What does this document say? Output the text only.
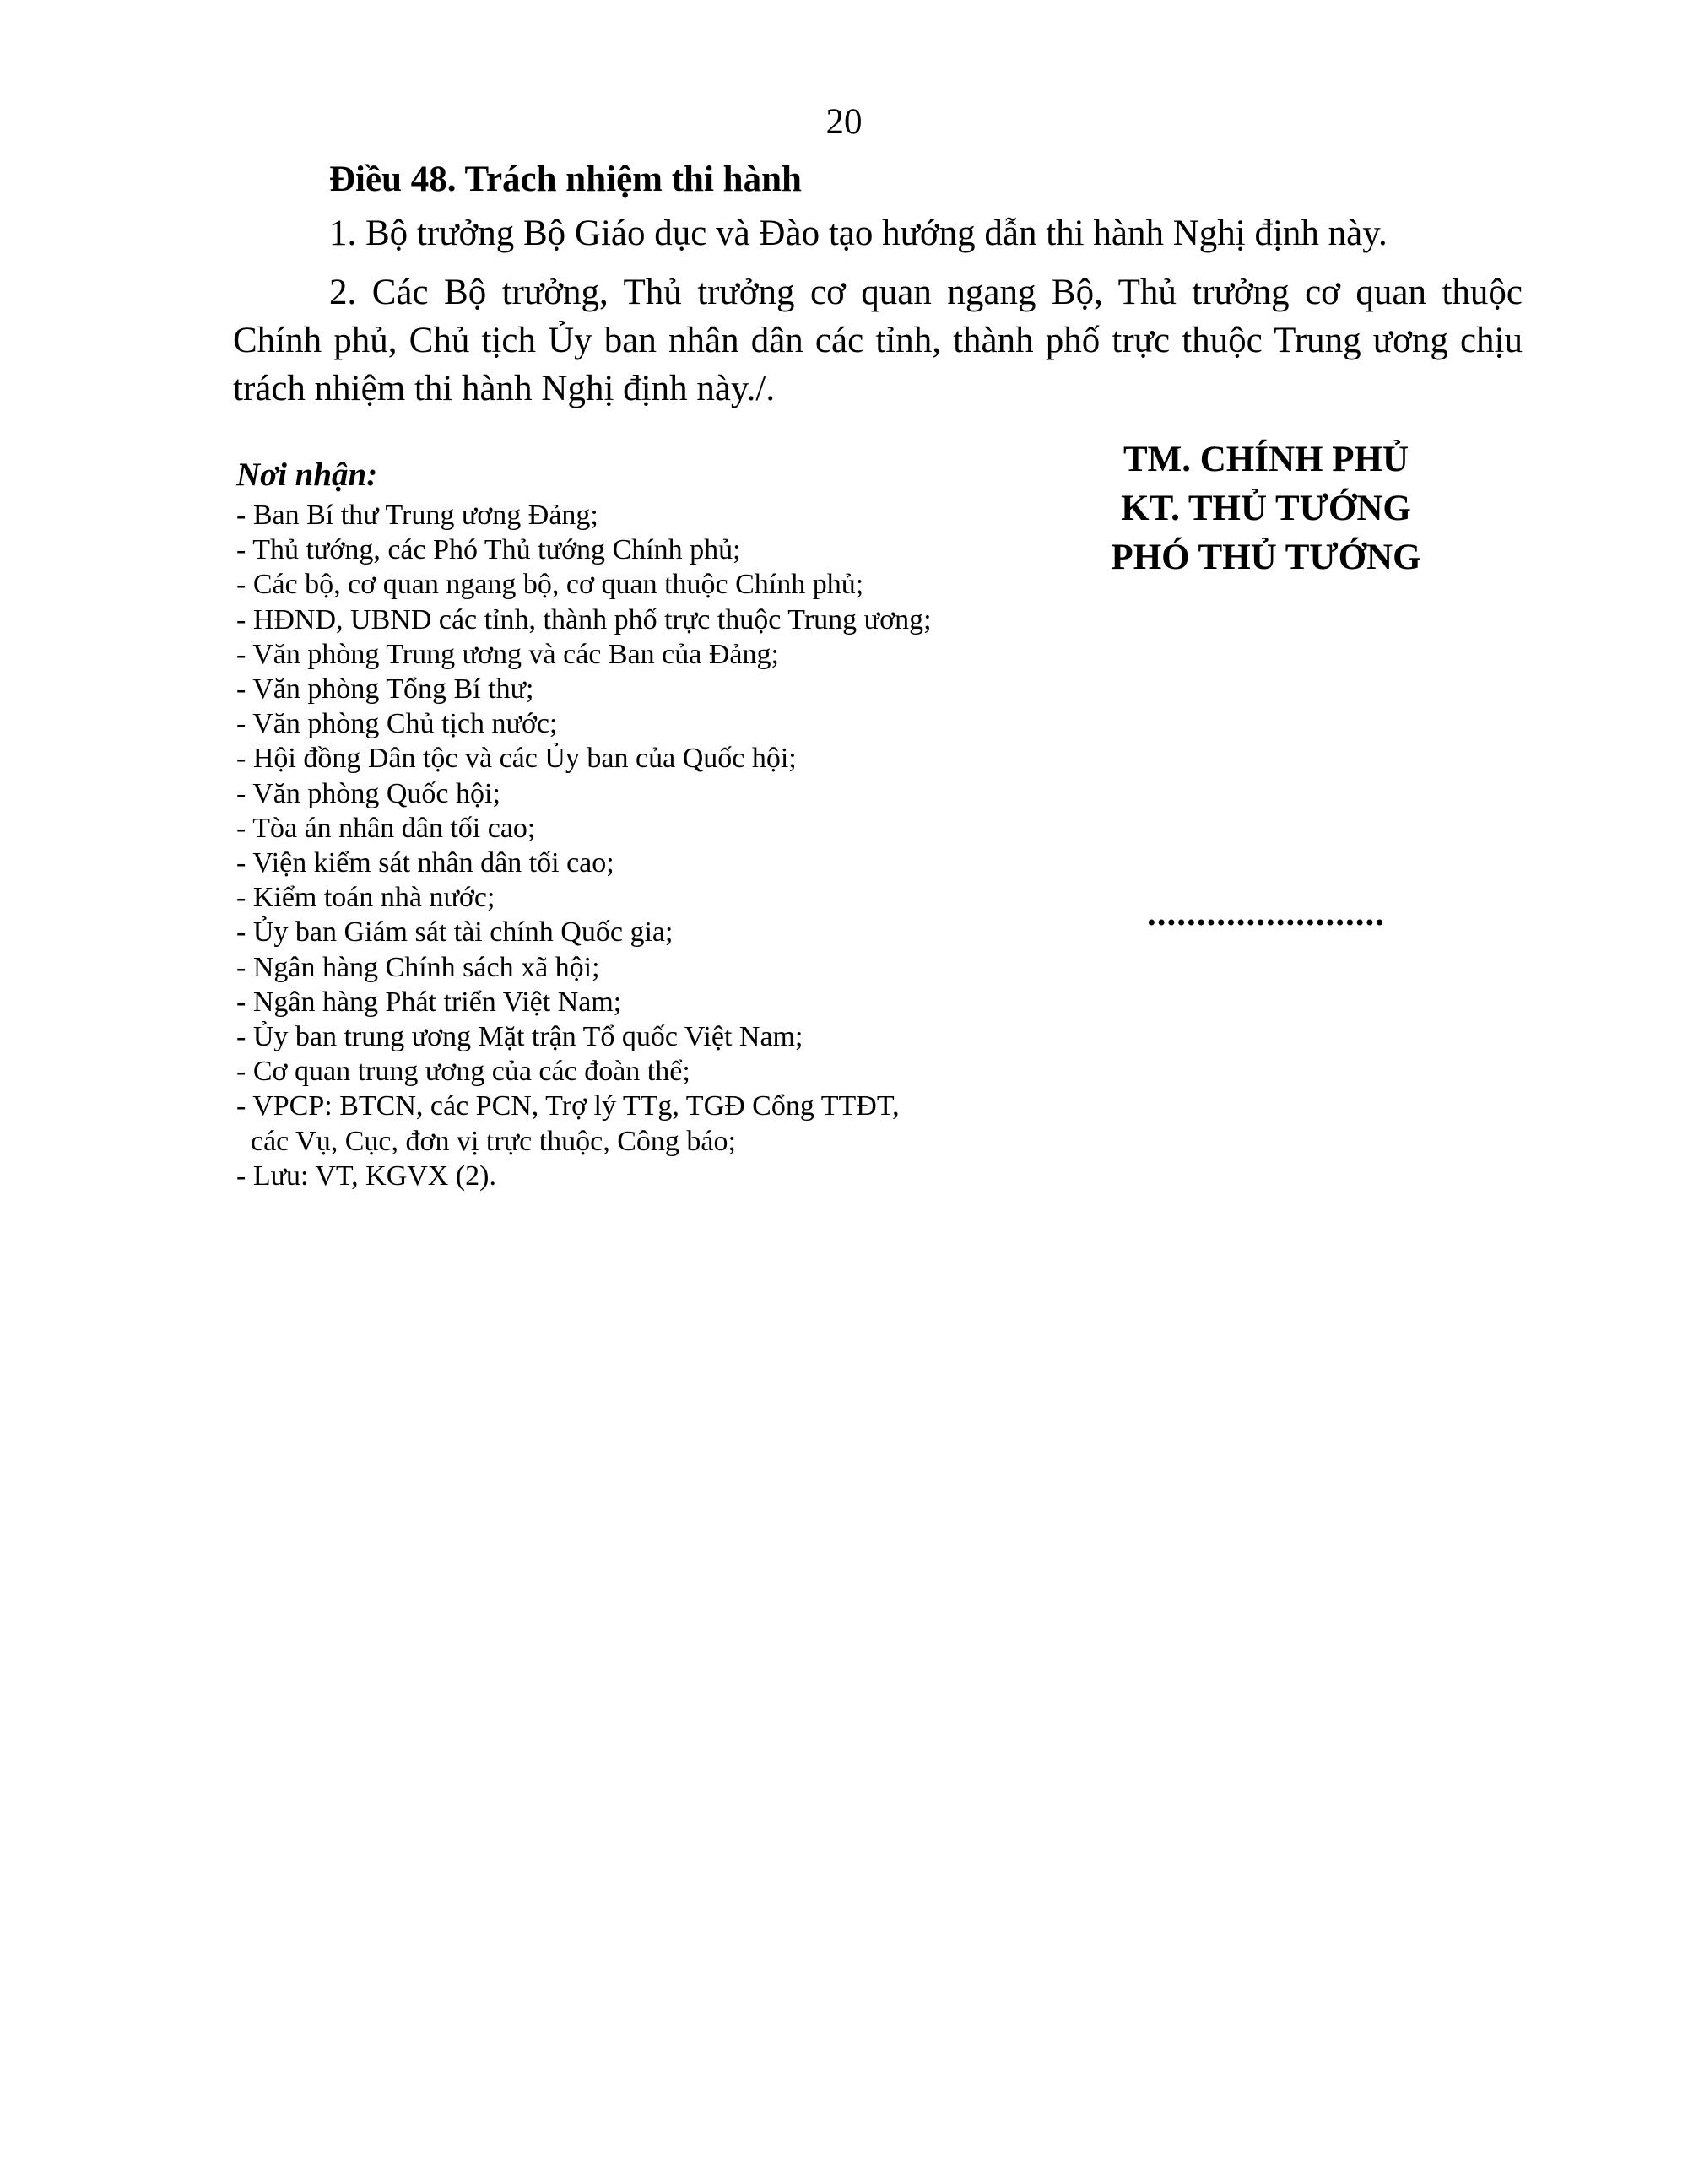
20
Điều 48. Trách nhiệm thi hành

1. Bộ trưởng Bộ Giáo dục và Đào tạo hướng dẫn thi hành Nghị định này.

2. Các Bộ trưởng, Thủ trưởng cơ quan ngang Bộ, Thủ trưởng cơ quan thuộc Chính phủ, Chủ tịch Ủy ban nhân dân các tỉnh, thành phố trực thuộc Trung ương chịu trách nhiệm thi hành Nghị định này./.

Nơi nhận:
- Ban Bí thư Trung ương Đảng;
- Thủ tướng, các Phó Thủ tướng Chính phủ;
- Các bộ, cơ quan ngang bộ, cơ quan thuộc Chính phủ;
- HĐND, UBND các tỉnh, thành phố trực thuộc Trung ương;
- Văn phòng Trung ương và các Ban của Đảng;
- Văn phòng Tổng Bí thư;
- Văn phòng Chủ tịch nước;
- Hội đồng Dân tộc và các Ủy ban của Quốc hội;
- Văn phòng Quốc hội;
- Tòa án nhân dân tối cao;
- Viện kiểm sát nhân dân tối cao;
- Kiểm toán nhà nước;
- Ủy ban Giám sát tài chính Quốc gia;
- Ngân hàng Chính sách xã hội;
- Ngân hàng Phát triển Việt Nam;
- Ủy ban trung ương Mặt trận Tổ quốc Việt Nam;
- Cơ quan trung ương của các đoàn thể;
- VPCP: BTCN, các PCN, Trợ lý TTg, TGĐ Cổng TTĐT,
các Vụ, Cục, đơn vị trực thuộc, Công báo;
- Lưu: VT, KGVX (2).
TM. CHÍNH PHỦ
KT. THỦ TƯỚNG
PHÓ THỦ TƯỚNG
........................
